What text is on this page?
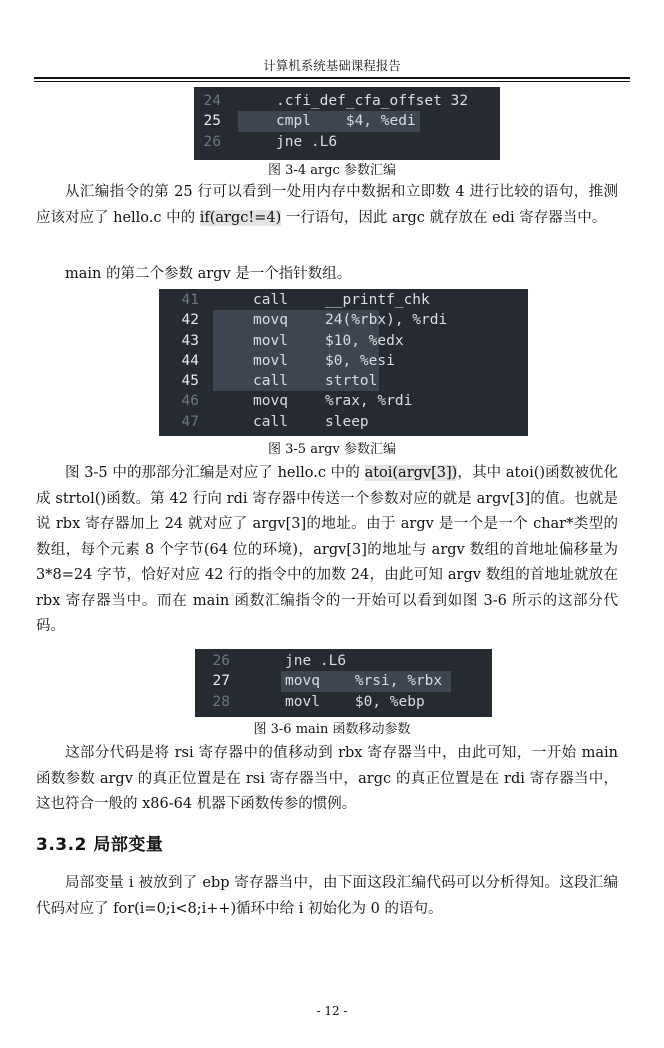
计算机系统基础课程报告
24	.cfi_def_cfa_offset 32
25	cmpl    $4, %edi
26	jne .L6
图 3-4 argc 参数汇编

从汇编指令的第 25 行可以看到一处用内存中数据和立即数 4 进行比较的语句，推测应该对应了 hello.c 中的 if(argc!=4) 一行语句，因此 argc 就存放在 edi 寄存器当中。

main 的第二个参数 argv 是一个指针数组。

41	call	__printf_chk
42 · movq	24(%rbx), %rdi
43 · movl	$10, %edx
44 · movl	$0, %esi
45 · call	strtol
46	movq	%rax, %rdi
47	call	sleep
图 3-5 argv 参数汇编

图 3-5 中的那部分汇编是对应了 hello.c 中的 atoi(argv[3])，其中 atoi()函数被优化成 strtol()函数。第 42 行向 rdi 寄存器中传送一个参数对应的就是 argv[3]的值。也就是说 rbx 寄存器加上 24 就对应了 argv[3]的地址。由于 argv 是一个是一个 char*类型的数组，每个元素 8 个字节(64 位的环境)，argv[3]的地址与 argv 数组的首地址偏移量为 3*8=24 字节，恰好对应 42 行的指令中的加数 24，由此可知 argv 数组的首地址就放在 rbx 寄存器当中。而在 main 函数汇编指令的一开始可以看到如图 3-6 所示的这部分代码。

26	jne .L6
27	movq    %rsi, %rbx
28	movl    $0, %ebp
图 3-6 main 函数移动参数

这部分代码是将 rsi 寄存器中的值移动到 rbx 寄存器当中，由此可知，一开始 main 函数参数 argv 的真正位置是在 rsi 寄存器当中，argc 的真正位置是在 rdi 寄存器当中，这也符合一般的 x86-64 机器下函数传参的惯例。

3.3.2 局部变量

局部变量 i 被放到了 ebp 寄存器当中，由下面这段汇编代码可以分析得知。这段汇编代码对应了 for(i=0;i<8;i++)循环中给 i 初始化为 0 的语句。

- 12 -
